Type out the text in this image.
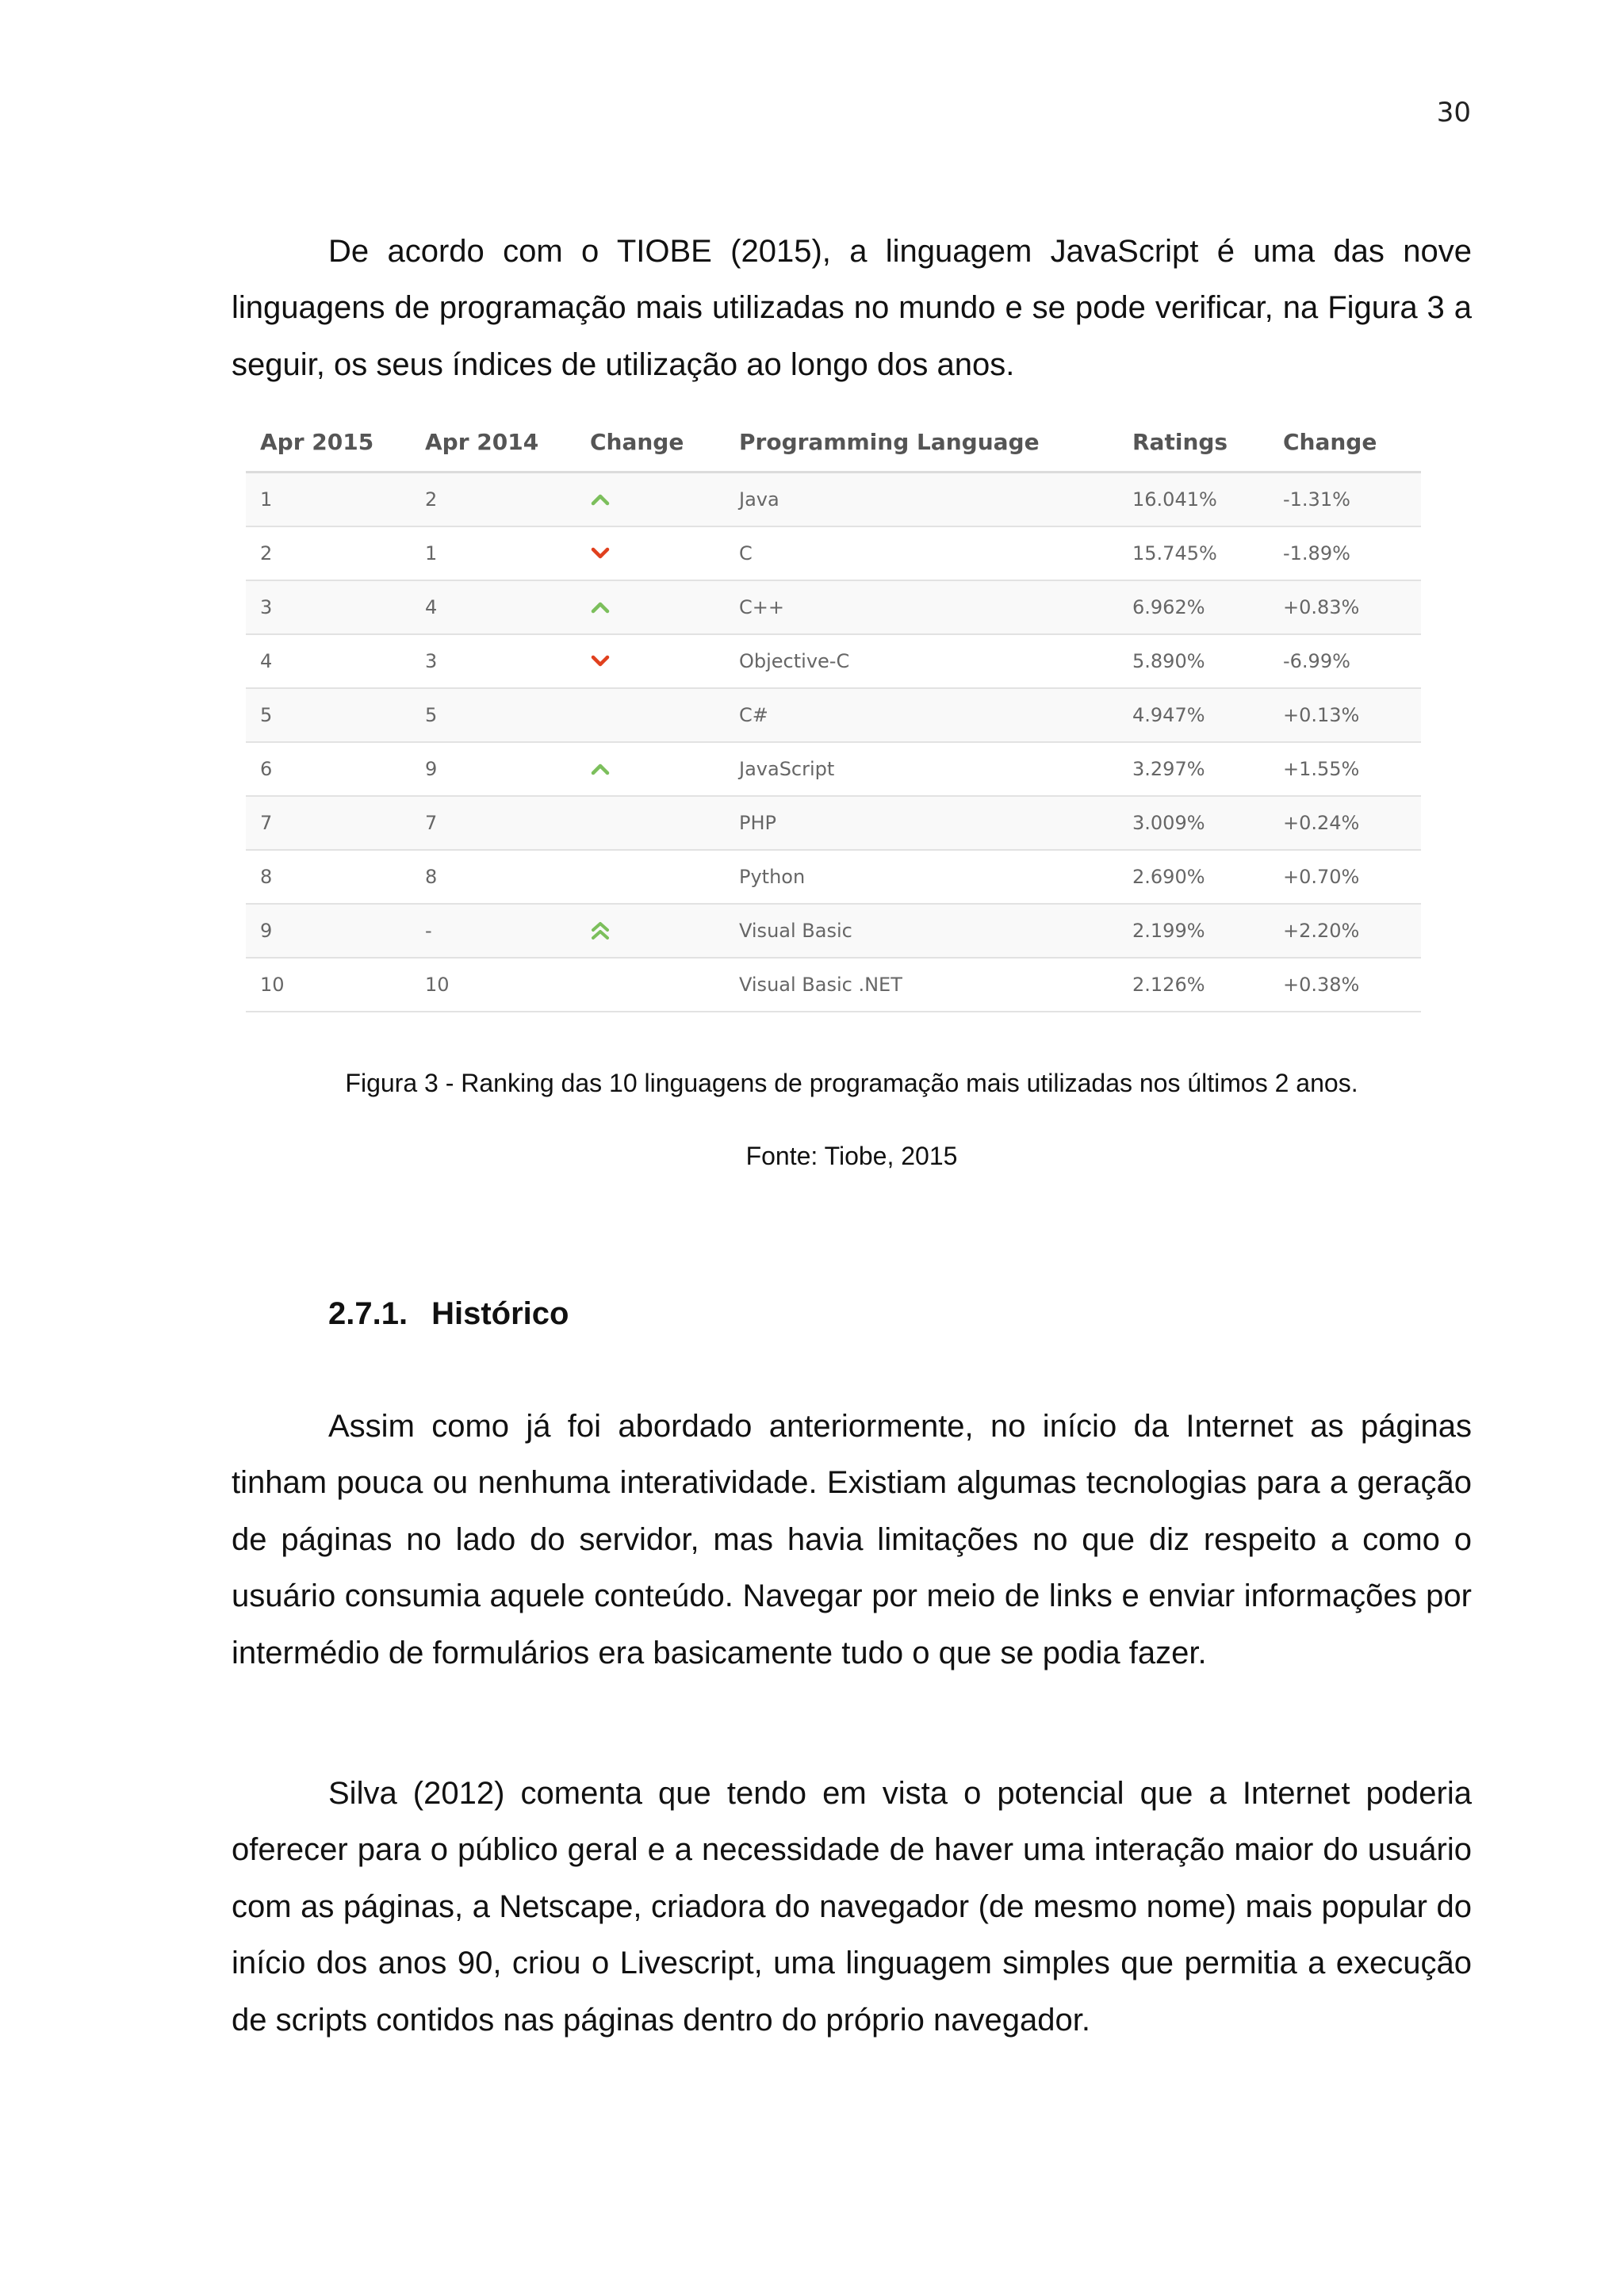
30

De acordo com o TIOBE (2015), a linguagem JavaScript é uma das nove linguagens de programação mais utilizadas no mundo e se pode verificar, na Figura 3 a seguir, os seus índices de utilização ao longo dos anos.

Apr 2015	Apr 2014	Change	Programming Language	Ratings	Change
1	2		Java	16.041%	-1.31%
2	1		C	15.745%	-1.89%
3	4		C++	6.962%	+0.83%
4	3		Objective-C	5.890%	-6.99%
5	5		C#	4.947%	+0.13%
6	9		JavaScript	3.297%	+1.55%
7	7		PHP	3.009%	+0.24%
8	8		Python	2.690%	+0.70%
9	-		Visual Basic	2.199%	+2.20%
10	10		Visual Basic .NET	2.126%	+0.38%

Figura 3 - Ranking das 10 linguagens de programação mais utilizadas nos últimos 2 anos.

Fonte: Tiobe, 2015

2.7.1. Histórico

Assim como já foi abordado anteriormente, no início da Internet as páginas tinham pouca ou nenhuma interatividade. Existiam algumas tecnologias para a geração de páginas no lado do servidor, mas havia limitações no que diz respeito a como o usuário consumia aquele conteúdo. Navegar por meio de links e enviar informações por intermédio de formulários era basicamente tudo o que se podia fazer.

Silva (2012) comenta que tendo em vista o potencial que a Internet poderia oferecer para o público geral e a necessidade de haver uma interação maior do usuário com as páginas, a Netscape, criadora do navegador (de mesmo nome) mais popular do início dos anos 90, criou o Livescript, uma linguagem simples que permitia a execução de scripts contidos nas páginas dentro do próprio navegador.
